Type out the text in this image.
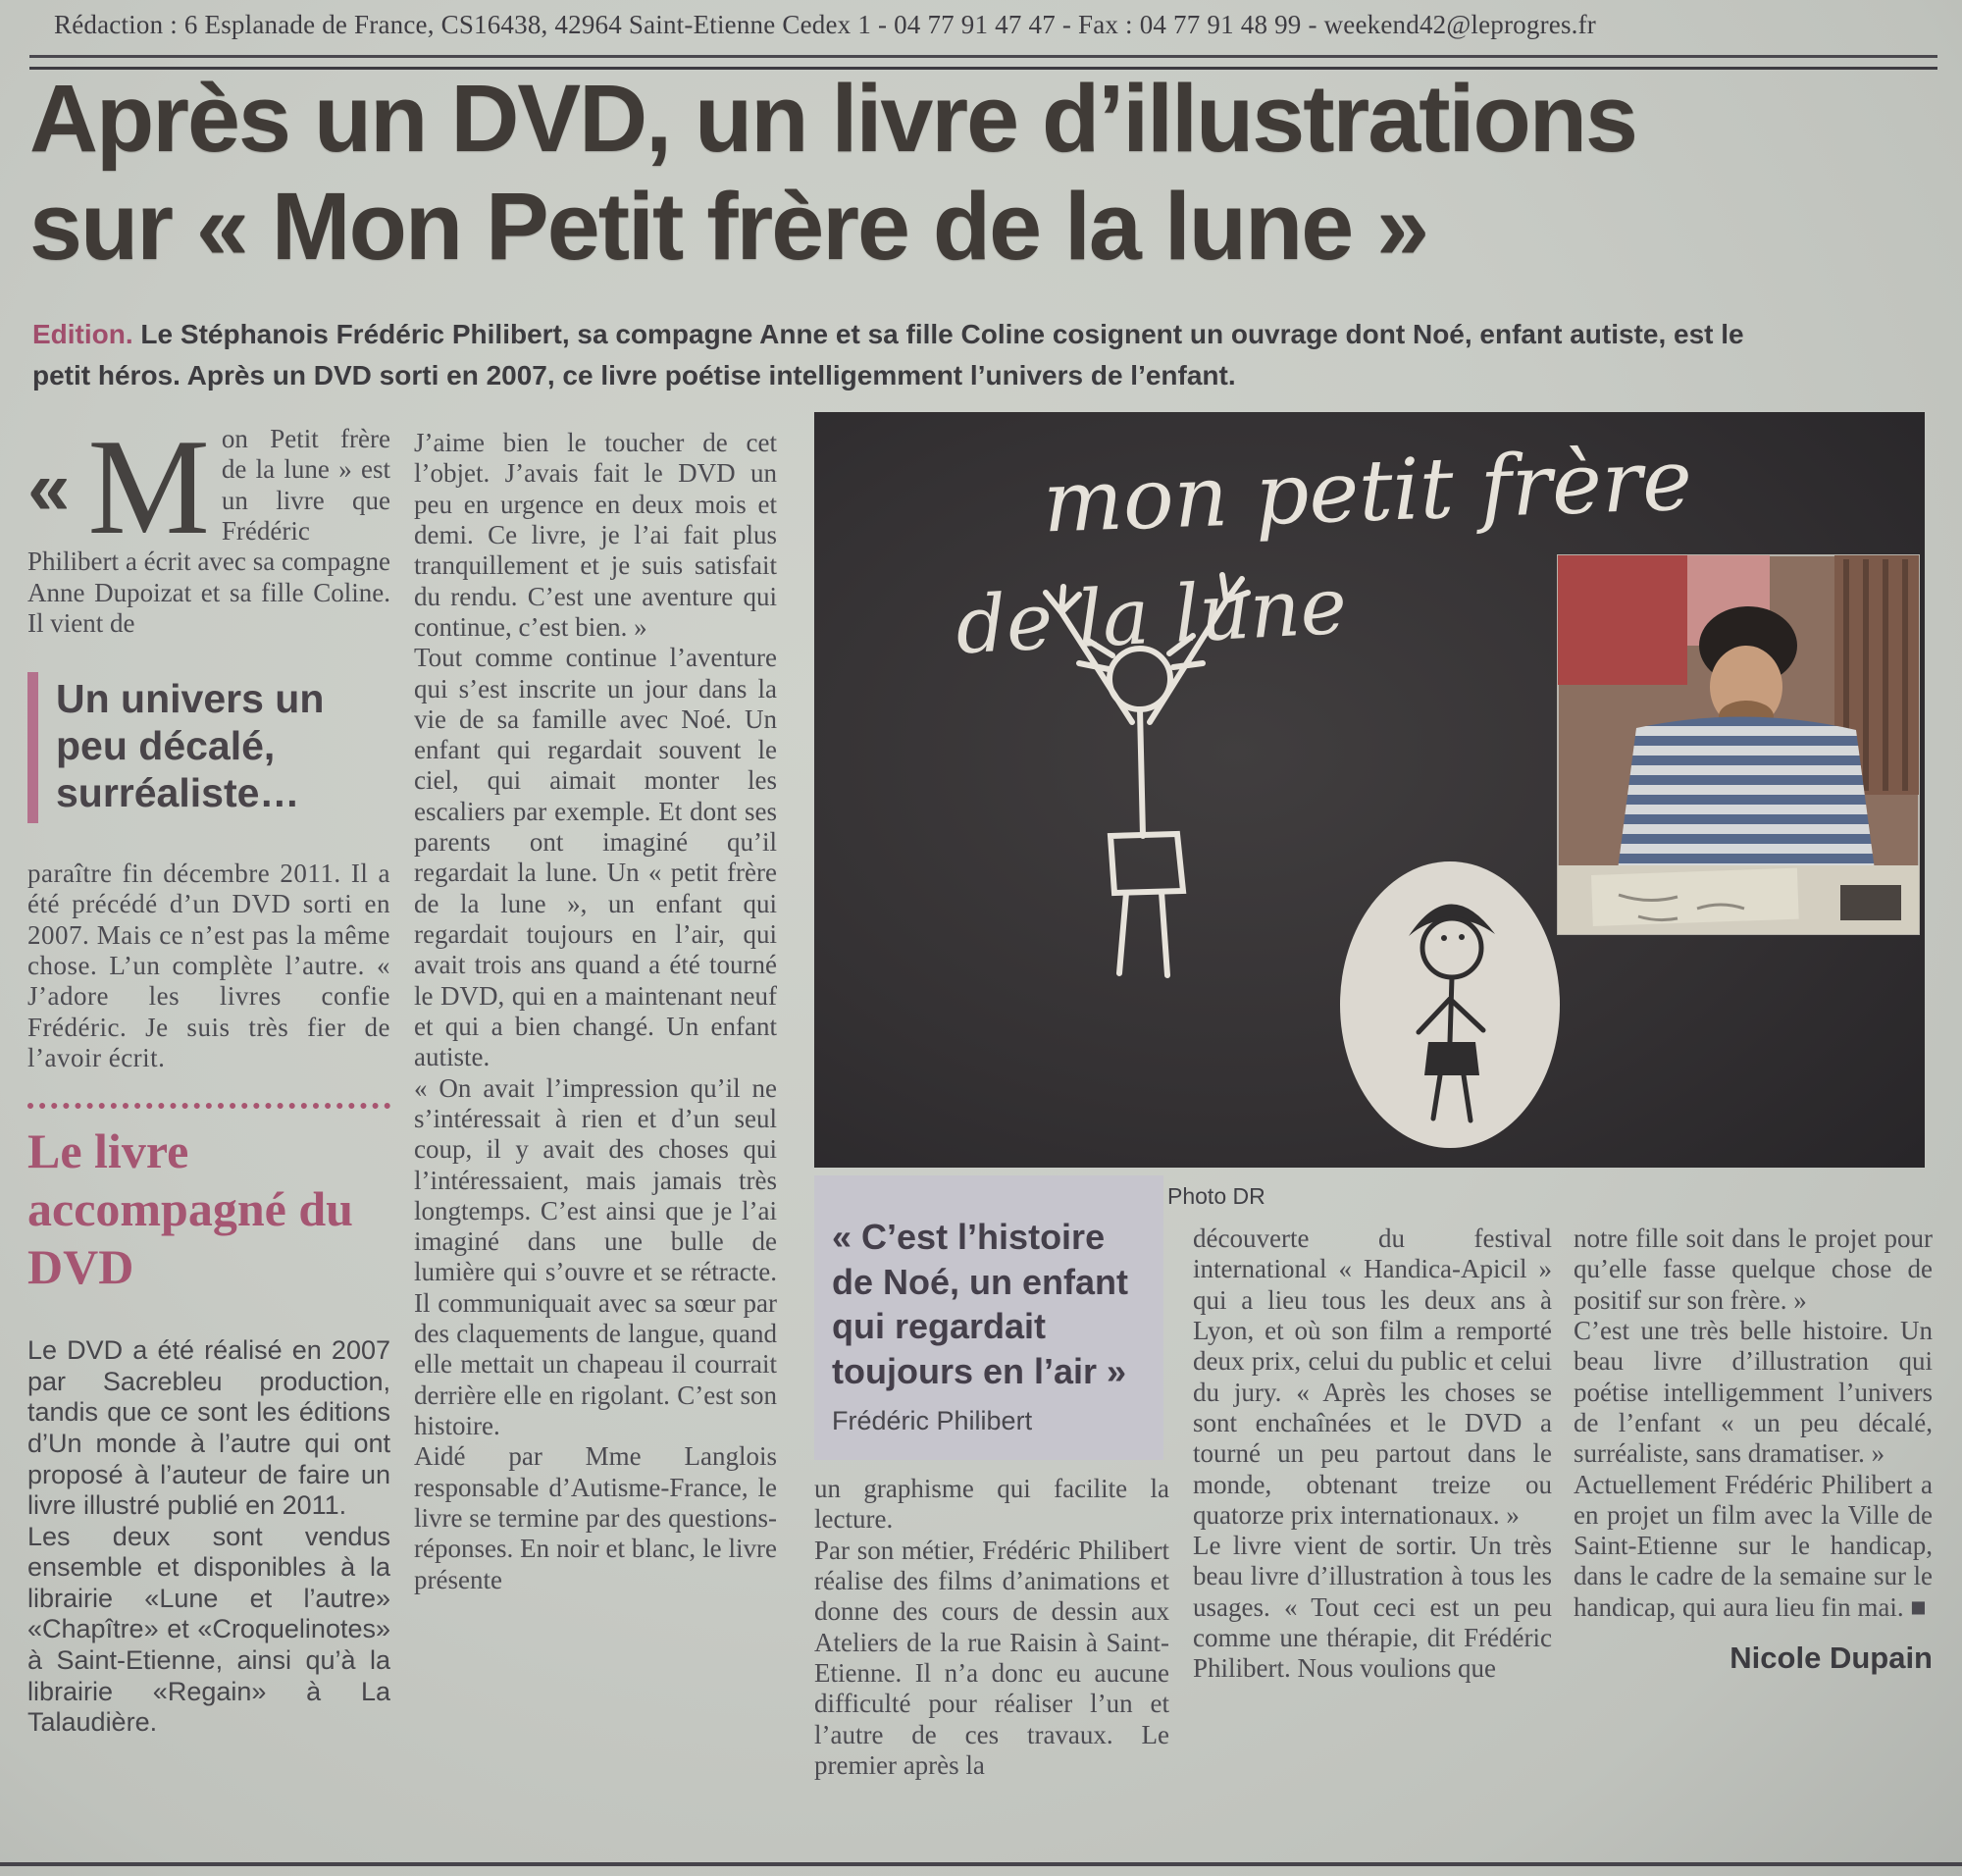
Rédaction : 6 Esplanade de France, CS16438, 42964 Saint-Etienne Cedex 1 - 04 77 91 47 47 - Fax : 04 77 91 48 99 - weekend42@leprogres.fr
Après un DVD, un livre d’illustrations
sur « Mon Petit frère de la lune »
Edition. Le Stéphanois Frédéric Philibert, sa compagne Anne et sa fille Coline cosignent un ouvrage dont Noé, enfant autiste, est le petit héros. Après un DVD sorti en 2007, ce livre poétise intelligemment l’univers de l’enfant.

« M on Petit frère de la lune » est un livre que Frédéric Philibert a écrit avec sa compagne Anne Dupoizat et sa fille Coline. Il vient de

Un univers un peu décalé, surréaliste…

paraître fin décembre 2011. Il a été précédé d’un DVD sorti en 2007. Mais ce n’est pas la même chose. L’un complète l’autre. « J’adore les livres confie Frédéric. Je suis très fier de l’avoir écrit.

Le livre accompagné du DVD

Le DVD a été réalisé en 2007 par Sacrebleu production, tandis que ce sont les éditions d’Un monde à l’autre qui ont proposé à l’auteur de faire un livre illustré publié en 2011.

Les deux sont vendus ensemble et disponibles à la librairie «Lune et l’autre» «Chapître» et «Croquelinotes» à Saint-Etienne, ainsi qu’à la librairie «Regain» à La Talaudière.

J’aime bien le toucher de cet l’objet. J’avais fait le DVD un peu en urgence en deux mois et demi. Ce livre, je l’ai fait plus tranquillement et je suis satisfait du rendu. C’est une aventure qui continue, c’est bien. »

Tout comme continue l’aventure qui s’est inscrite un jour dans la vie de sa famille avec Noé. Un enfant qui regardait souvent le ciel, qui aimait monter les escaliers par exemple. Et dont ses parents ont imaginé qu’il regardait la lune. Un « petit frère de la lune », un enfant qui regardait toujours en l’air, qui avait trois ans quand a été tourné le DVD, qui en a maintenant neuf et qui a bien changé. Un enfant autiste.

« On avait l’impression qu’il ne s’intéressait à rien et d’un seul coup, il y avait des choses qui l’intéressaient, mais jamais très longtemps. C’est ainsi que je l’ai imaginé dans une bulle de lumière qui s’ouvre et se rétracte. Il communiquait avec sa sœur par des claquements de langue, quand elle mettait un chapeau il courrait derrière elle en rigolant. C’est son histoire.

Aidé par Mme Langlois responsable d’Autisme-France, le livre se termine par des questions-réponses. En noir et blanc, le livre présente

mon petit frère
de la lune
Photo DR
« C’est l’histoire de Noé, un enfant qui regardait toujours en l’air »
Frédéric Philibert

un graphisme qui facilite la lecture.

Par son métier, Frédéric Philibert réalise des films d’animations et donne des cours de dessin aux Ateliers de la rue Raisin à Saint-Etienne. Il n’a donc eu aucune difficulté pour réaliser l’un et l’autre de ces travaux. Le premier après la

découverte du festival international « Handica-Apicil » qui a lieu tous les deux ans à Lyon, et où son film a remporté deux prix, celui du public et celui du jury. « Après les choses se sont enchaînées et le DVD a tourné un peu partout dans le monde, obtenant treize ou quatorze prix internationaux. »

Le livre vient de sortir. Un très beau livre d’illustration à tous les usages. « Tout ceci est un peu comme une thérapie, dit Frédéric Philibert. Nous voulions que

notre fille soit dans le projet pour qu’elle fasse quelque chose de positif sur son frère. »

C’est une très belle histoire. Un beau livre d’illustration qui poétise intelligemment l’univers de l’enfant « un peu décalé, surréaliste, sans dramatiser. »

Actuellement Frédéric Philibert a en projet un film avec la Ville de Saint-Etienne sur le handicap, dans le cadre de la semaine sur le handicap, qui aura lieu fin mai. ■

Nicole Dupain
